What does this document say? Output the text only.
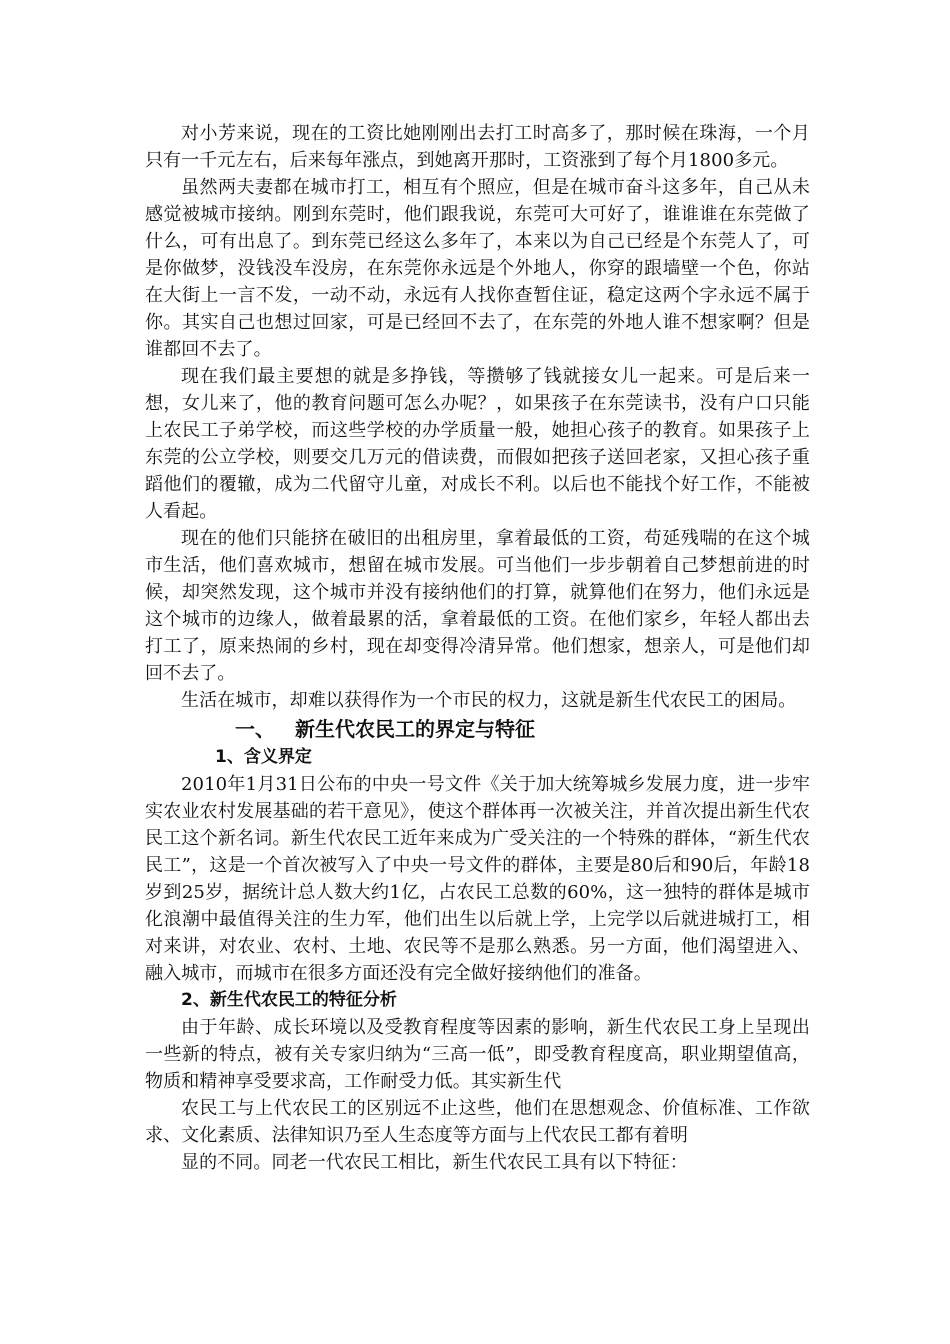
对小芳来说，现在的工资比她刚刚出去打工时高多了，那时候在珠海，一个月只有一千元左右，后来每年涨点，到她离开那时，工资涨到了每个月1800多元。

虽然两夫妻都在城市打工，相互有个照应，但是在城市奋斗这多年，自己从未感觉被城市接纳。刚到东莞时，他们跟我说，东莞可大可好了，谁谁谁在东莞做了什么，可有出息了。到东莞已经这么多年了，本来以为自己已经是个东莞人了，可是你做梦，没钱没车没房，在东莞你永远是个外地人，你穿的跟墙壁一个色，你站在大街上一言不发，一动不动，永远有人找你查暂住证，稳定这两个字永远不属于你。其实自己也想过回家，可是已经回不去了，在东莞的外地人谁不想家啊？但是谁都回不去了。

现在我们最主要想的就是多挣钱，等攒够了钱就接女儿一起来。可是后来一想，女儿来了，他的教育问题可怎么办呢？，如果孩子在东莞读书，没有户口只能上农民工子弟学校，而这些学校的办学质量一般，她担心孩子的教育。如果孩子上东莞的公立学校，则要交几万元的借读费，而假如把孩子送回老家，又担心孩子重蹈他们的覆辙，成为二代留守儿童，对成长不利。以后也不能找个好工作，不能被人看起。

现在的他们只能挤在破旧的出租房里，拿着最低的工资，苟延残喘的在这个城市生活，他们喜欢城市，想留在城市发展。可当他们一步步朝着自己梦想前进的时候，却突然发现，这个城市并没有接纳他们的打算，就算他们在努力，他们永远是这个城市的边缘人，做着最累的活，拿着最低的工资。在他们家乡，年轻人都出去打工了，原来热闹的乡村，现在却变得冷清异常。他们想家，想亲人，可是他们却回不去了。

生活在城市，却难以获得作为一个市民的权力，这就是新生代农民工的困局。

一、 新生代农民工的界定与特征
1、含义界定

2010年1月31日公布的中央一号文件《关于加大统筹城乡发展力度，进一步牢实农业农村发展基础的若干意见》，使这个群体再一次被关注，并首次提出新生代农民工这个新名词。新生代农民工近年来成为广受关注的一个特殊的群体，“新生代农民工”，这是一个首次被写入了中央一号文件的群体，主要是80后和90后，年龄18岁到25岁，据统计总人数大约1亿，占农民工总数的60%，这一独特的群体是城市化浪潮中最值得关注的生力军，他们出生以后就上学，上完学以后就进城打工，相对来讲，对农业、农村、土地、农民等不是那么熟悉。另一方面，他们渴望进入、融入城市，而城市在很多方面还没有完全做好接纳他们的准备。

2、新生代农民工的特征分析

由于年龄、成长环境以及受教育程度等因素的影响，新生代农民工身上呈现出一些新的特点，被有关专家归纳为“三高一低”，即受教育程度高，职业期望值高，物质和精神享受要求高，工作耐受力低。其实新生代

农民工与上代农民工的区别远不止这些，他们在思想观念、价值标准、工作欲求、文化素质、法律知识乃至人生态度等方面与上代农民工都有着明

显的不同。同老一代农民工相比，新生代农民工具有以下特征：
